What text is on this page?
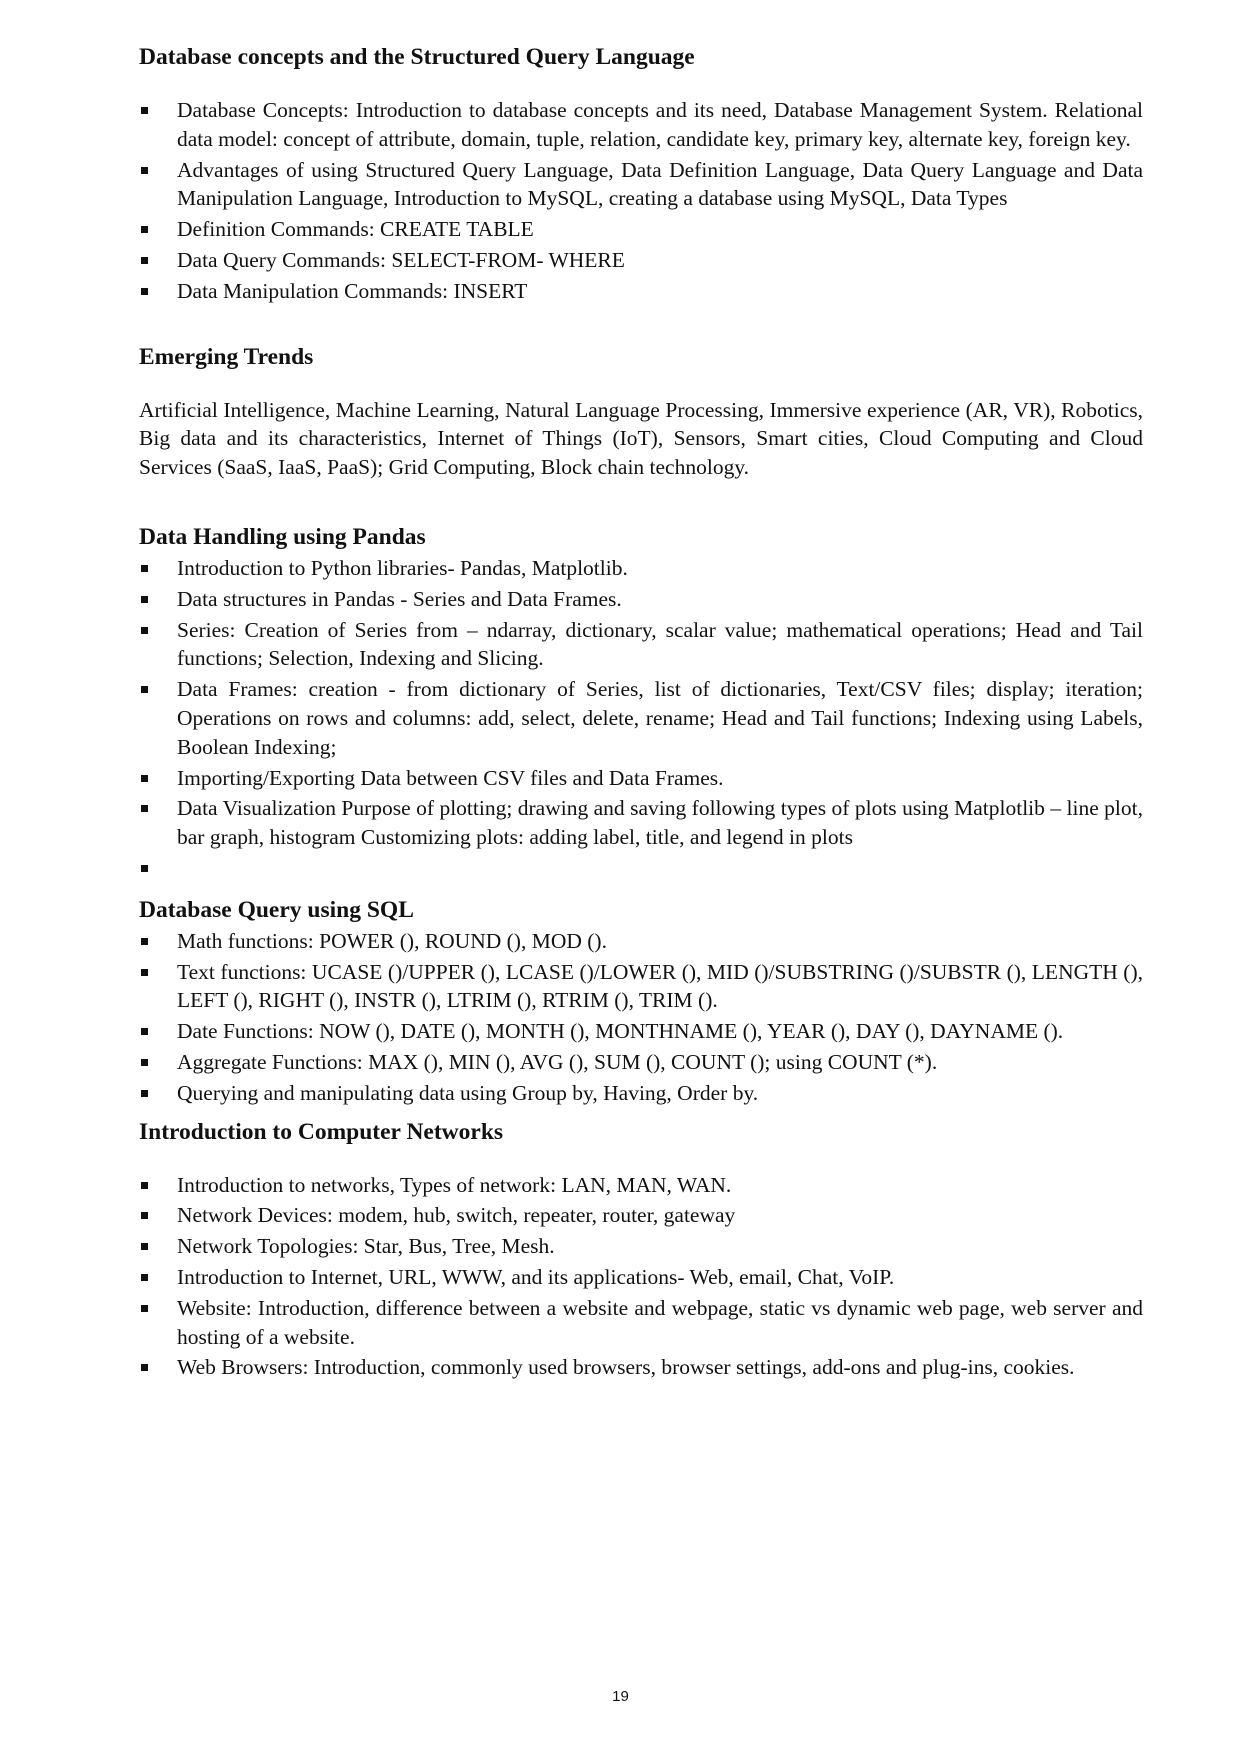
Database concepts and the Structured Query Language
Database Concepts: Introduction to database concepts and its need, Database Management System. Relational data model: concept of attribute, domain, tuple, relation, candidate key, primary key, alternate key, foreign key.
Advantages of using Structured Query Language, Data Definition Language, Data Query Language and Data Manipulation Language, Introduction to MySQL, creating a database using MySQL, Data Types
Definition Commands: CREATE TABLE
Data Query Commands: SELECT-FROM- WHERE
Data Manipulation Commands: INSERT
Emerging Trends

Artificial Intelligence, Machine Learning, Natural Language Processing, Immersive experience (AR, VR), Robotics, Big data and its characteristics, Internet of Things (IoT), Sensors, Smart cities, Cloud Computing and Cloud Services (SaaS, IaaS, PaaS); Grid Computing, Block chain technology.

Data Handling using Pandas
Introduction to Python libraries- Pandas, Matplotlib.
Data structures in Pandas - Series and Data Frames.
Series: Creation of Series from – ndarray, dictionary, scalar value; mathematical operations; Head and Tail functions; Selection, Indexing and Slicing.
Data Frames: creation - from dictionary of Series, list of dictionaries, Text/CSV files; display; iteration; Operations on rows and columns: add, select, delete, rename; Head and Tail functions; Indexing using Labels, Boolean Indexing;
Importing/Exporting Data between CSV files and Data Frames.
Data Visualization Purpose of plotting; drawing and saving following types of plots using Matplotlib – line plot, bar graph, histogram Customizing plots: adding label, title, and legend in plots
Database Query using SQL
Math functions: POWER (), ROUND (), MOD ().
Text functions: UCASE ()/UPPER (), LCASE ()/LOWER (), MID ()/SUBSTRING ()/SUBSTR (), LENGTH (), LEFT (), RIGHT (), INSTR (), LTRIM (), RTRIM (), TRIM ().
Date Functions: NOW (), DATE (), MONTH (), MONTHNAME (), YEAR (), DAY (), DAYNAME ().
Aggregate Functions: MAX (), MIN (), AVG (), SUM (), COUNT (); using COUNT (*).
Querying and manipulating data using Group by, Having, Order by.
Introduction to Computer Networks
Introduction to networks, Types of network: LAN, MAN, WAN.
Network Devices: modem, hub, switch, repeater, router, gateway
Network Topologies: Star, Bus, Tree, Mesh.
Introduction to Internet, URL, WWW, and its applications- Web, email, Chat, VoIP.
Website: Introduction, difference between a website and webpage, static vs dynamic web page, web server and hosting of a website.
Web Browsers: Introduction, commonly used browsers, browser settings, add-ons and plug-ins, cookies.
19
